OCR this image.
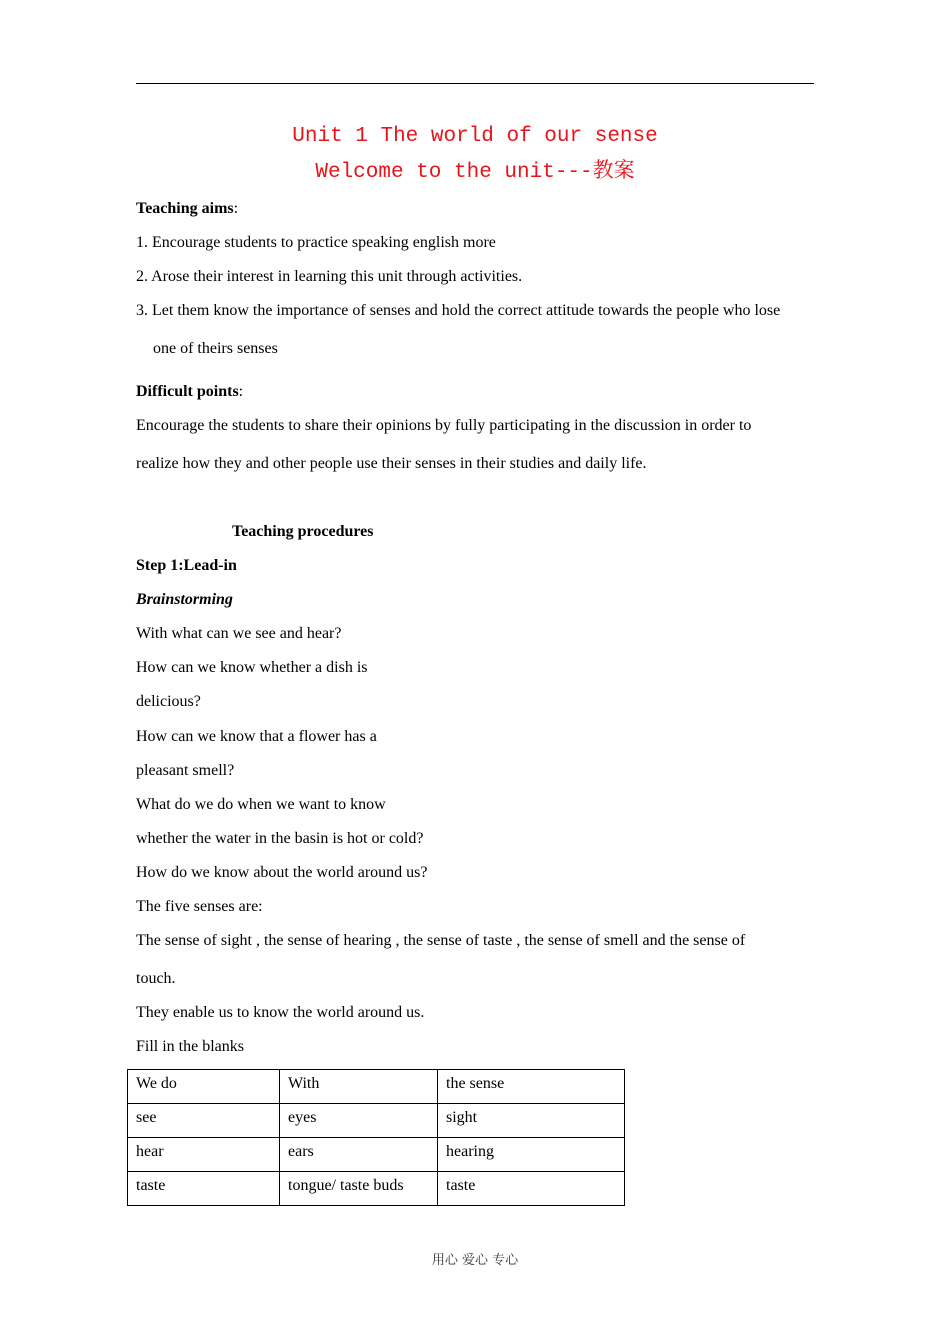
Unit 1 The world of our sense
Welcome to the unit---教案
Teaching aims:
1. Encourage students to practice speaking english more
2. Arose their interest in learning this unit through activities.
3. Let them know the importance of senses and hold the correct attitude towards the people who lose
one of theirs senses
Difficult points:
Encourage the students to share their opinions by fully participating in the discussion in order to
realize how they and other people use their senses in their studies and daily life.
Teaching procedures
Step 1:Lead-in
Brainstorming
With what can we see and hear?
How can we know whether a dish is
delicious?
How can we know that a flower has a
pleasant smell?
What do we do when we want to know
whether the water in the basin is hot or cold?
How do we know about the world around us?
The five senses are:
The sense of sight , the sense of hearing , the sense of taste , the sense of smell and the sense of
touch.
They enable us to know the world around us.
Fill in the blanks
We do	With	the sense
see	eyes	sight
hear	ears	hearing
taste	tongue/ taste buds	taste
用心 爱心 专心
